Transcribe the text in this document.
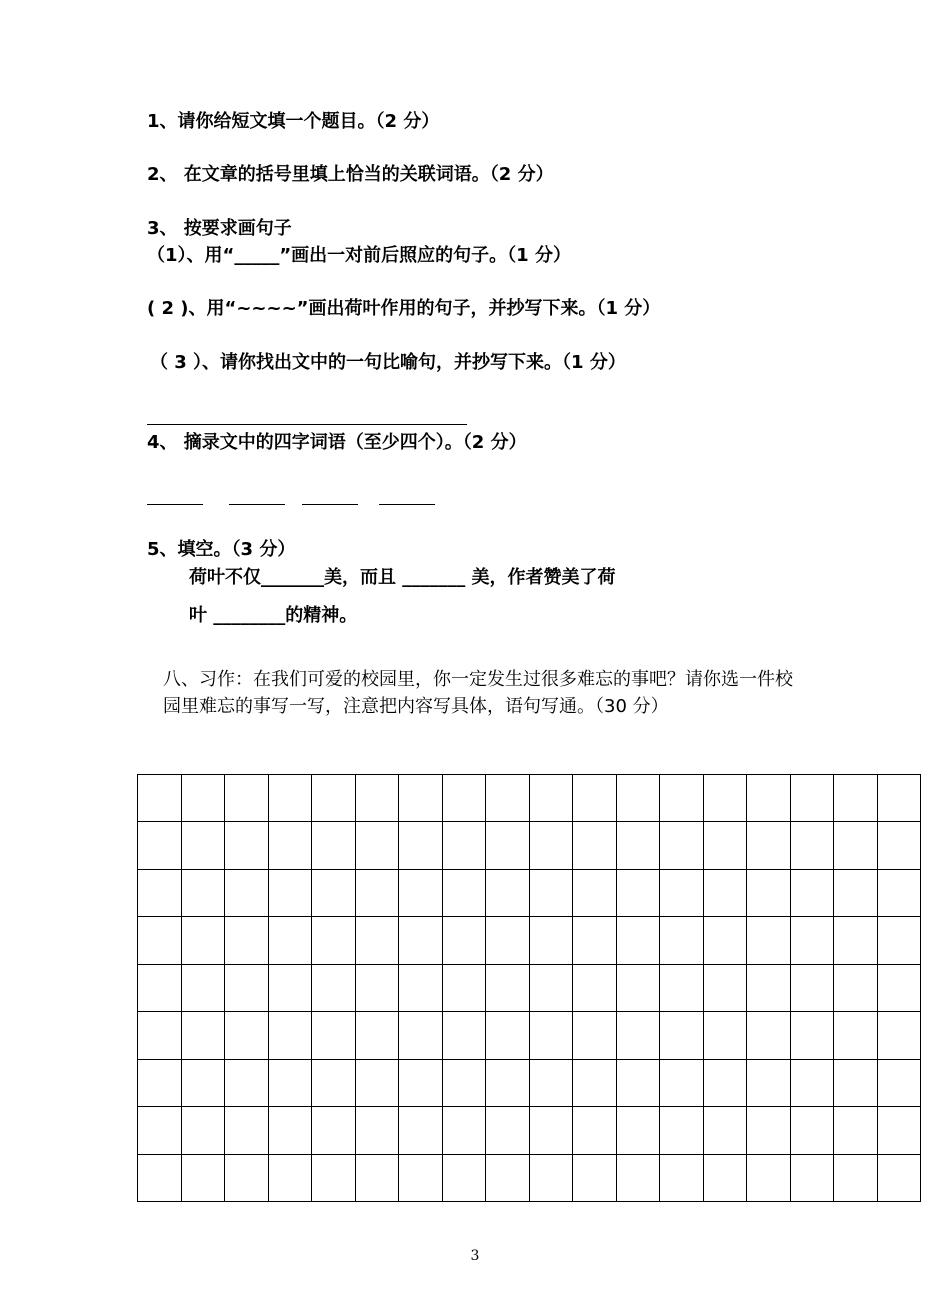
1、请你给短文填一个题目。（2 分）
2、 在文章的括号里填上恰当的关联词语。（2 分）
3、 按要求画句子
（1）、用“_____”画出一对前后照应的句子。（1 分）
( 2 )、用“~~~~”画出荷叶作用的句子，并抄写下来。（1 分）
（ 3 ）、请你找出文中的一句比喻句，并抄写下来。（1 分）
4、 摘录文中的四字词语（至少四个）。（2 分）
5、填空。（3 分）
荷叶不仅_______美，而且 _______ 美，作者赞美了荷
叶 ________的精神。
八、习作：在我们可爱的校园里，你一定发生过很多难忘的事吧？请你选一件校
园里难忘的事写一写，注意把内容写具体，语句写通。（30 分）

3
